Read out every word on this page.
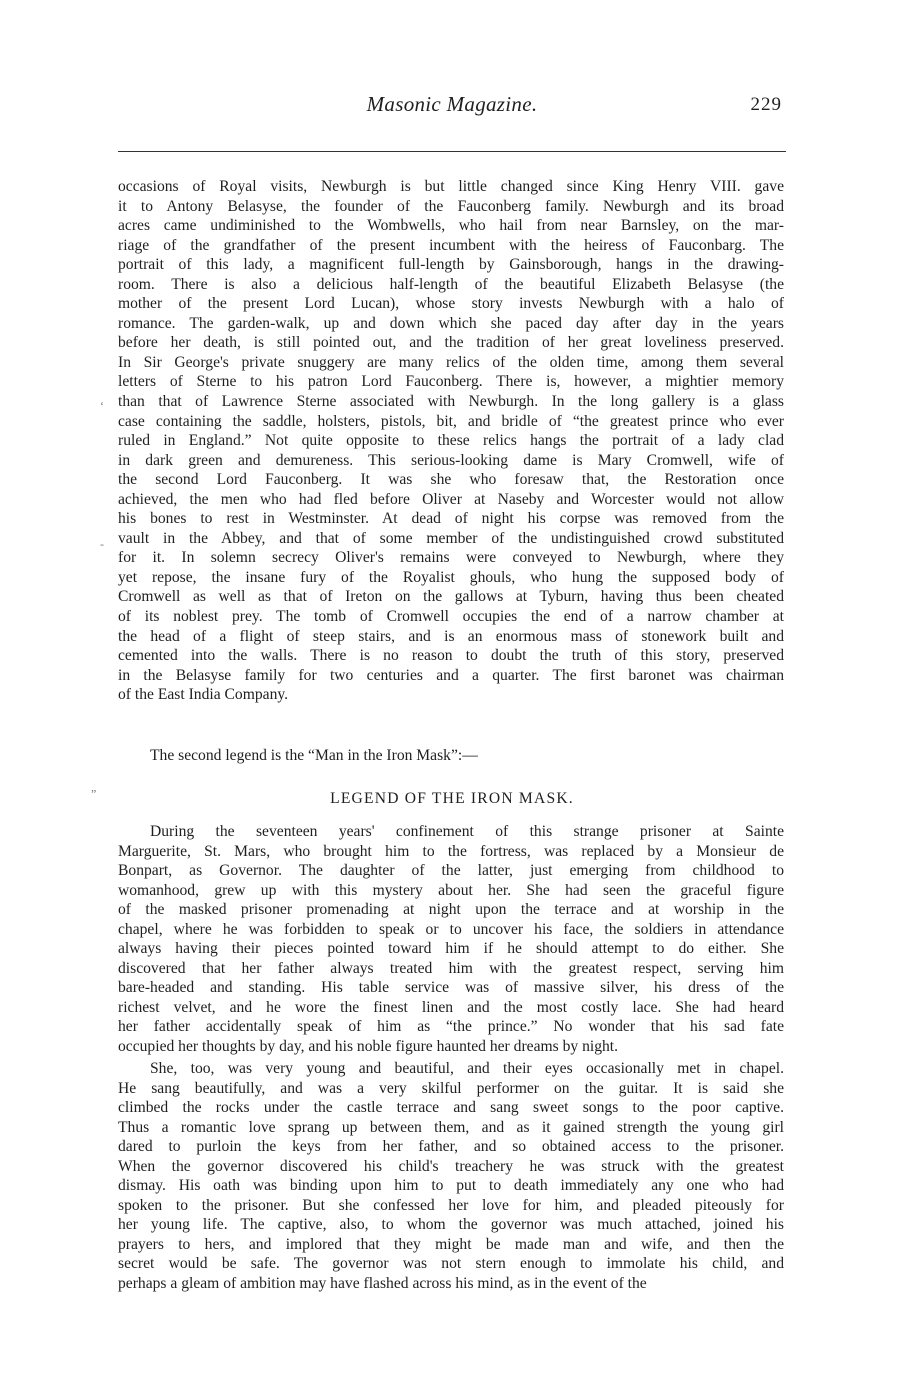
Masonic Magazine.	229
occasions of Royal visits, Newburgh is but little changed since King Henry VIII. gave
it to Antony Belasyse, the founder of the Fauconberg family. Newburgh and its broad
acres came undiminished to the Wombwells, who hail from near Barnsley, on the mar-
riage of the grandfather of the present incumbent with the heiress of Fauconbarg. The
portrait of this lady, a magnificent full-length by Gainsborough, hangs in the drawing-
room. There is also a delicious half-length of the beautiful Elizabeth Belasyse (the
mother of the present Lord Lucan), whose story invests Newburgh with a halo of
romance. The garden-walk, up and down which she paced day after day in the years
before her death, is still pointed out, and the tradition of her great loveliness preserved.
In Sir George's private snuggery are many relics of the olden time, among them several
letters of Sterne to his patron Lord Fauconberg. There is, however, a mightier memory
than that of Lawrence Sterne associated with Newburgh. In the long gallery is a glass
case containing the saddle, holsters, pistols, bit, and bridle of “the greatest prince who ever
ruled in England.” Not quite opposite to these relics hangs the portrait of a lady clad
in dark green and demureness. This serious-looking dame is Mary Cromwell, wife of
the second Lord Fauconberg. It was she who foresaw that, the Restoration once
achieved, the men who had fled before Oliver at Naseby and Worcester would not allow
his bones to rest in Westminster. At dead of night his corpse was removed from the
vault in the Abbey, and that of some member of the undistinguished crowd substituted
for it. In solemn secrecy Oliver's remains were conveyed to Newburgh, where they
yet repose, the insane fury of the Royalist ghouls, who hung the supposed body of
Cromwell as well as that of Ireton on the gallows at Tyburn, having thus been cheated
of its noblest prey. The tomb of Cromwell occupies the end of a narrow chamber at
the head of a flight of steep stairs, and is an enormous mass of stonework built and
cemented into the walls. There is no reason to doubt the truth of this story, preserved
in the Belasyse family for two centuries and a quarter. The first baronet was chairman
of the East India Company.
The second legend is the “Man in the Iron Mask”:—
LEGEND OF THE IRON MASK.
During the seventeen years' confinement of this strange prisoner at Sainte
Marguerite, St. Mars, who brought him to the fortress, was replaced by a Monsieur de
Bonpart, as Governor. The daughter of the latter, just emerging from childhood to
womanhood, grew up with this mystery about her. She had seen the graceful figure
of the masked prisoner promenading at night upon the terrace and at worship in the
chapel, where he was forbidden to speak or to uncover his face, the soldiers in attendance
always having their pieces pointed toward him if he should attempt to do either. She
discovered that her father always treated him with the greatest respect, serving him
bare-headed and standing. His table service was of massive silver, his dress of the
richest velvet, and he wore the finest linen and the most costly lace. She had heard
her father accidentally speak of him as “the prince.” No wonder that his sad fate
occupied her thoughts by day, and his noble figure haunted her dreams by night.
She, too, was very young and beautiful, and their eyes occasionally met in chapel.
He sang beautifully, and was a very skilful performer on the guitar. It is said she
climbed the rocks under the castle terrace and sang sweet songs to the poor captive.
Thus a romantic love sprang up between them, and as it gained strength the young girl
dared to purloin the keys from her father, and so obtained access to the prisoner.
When the governor discovered his child's treachery he was struck with the greatest
dismay. His oath was binding upon him to put to death immediately any one who had
spoken to the prisoner. But she confessed her love for him, and pleaded piteously for
her young life. The captive, also, to whom the governor was much attached, joined his
prayers to hers, and implored that they might be made man and wife, and then the
secret would be safe. The governor was not stern enough to immolate his child, and
perhaps a gleam of ambition may have flashed across his mind, as in the event of the
‘
-
„
